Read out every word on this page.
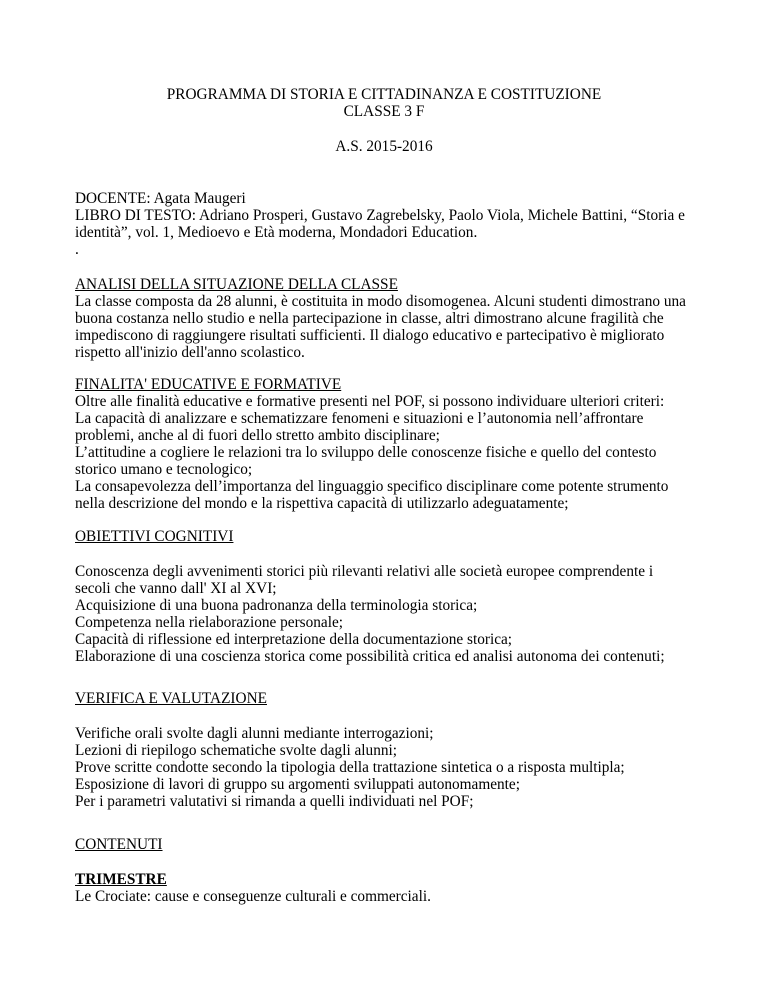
PROGRAMMA DI STORIA E CITTADINANZA E COSTITUZIONE
CLASSE 3 F
A.S. 2015-2016
DOCENTE: Agata Maugeri
LIBRO DI TESTO: Adriano Prosperi, Gustavo Zagrebelsky, Paolo Viola, Michele Battini, “Storia e
identità”, vol. 1, Medioevo e Età moderna, Mondadori Education.
.
ANALISI DELLA SITUAZIONE DELLA CLASSE
La classe composta da 28 alunni, è costituita in modo disomogenea. Alcuni studenti dimostrano una
buona costanza nello studio e nella partecipazione in classe, altri dimostrano alcune fragilità che
impediscono di raggiungere risultati sufficienti. Il dialogo educativo e partecipativo è migliorato
rispetto all'inizio dell'anno scolastico.
FINALITA' EDUCATIVE E FORMATIVE
Oltre alle finalità educative e formative presenti nel POF, si possono individuare ulteriori criteri:
La capacità di analizzare e schematizzare fenomeni e situazioni e l’autonomia nell’affrontare
problemi, anche al di fuori dello stretto ambito disciplinare;
L’attitudine a cogliere le relazioni tra lo sviluppo delle conoscenze fisiche e quello del contesto
storico umano e tecnologico;
La consapevolezza dell’importanza del linguaggio specifico disciplinare come potente strumento
nella descrizione del mondo e la rispettiva capacità di utilizzarlo adeguatamente;
OBIETTIVI COGNITIVI
Conoscenza degli avvenimenti storici più rilevanti relativi alle società europee comprendente i
secoli che vanno dall' XI al XVI;
Acquisizione di una buona padronanza della terminologia storica;
Competenza nella rielaborazione personale;
Capacità di riflessione ed interpretazione della documentazione storica;
Elaborazione di una coscienza storica come possibilità critica ed analisi autonoma dei contenuti;
VERIFICA E VALUTAZIONE
Verifiche orali svolte dagli alunni mediante interrogazioni;
Lezioni di riepilogo schematiche svolte dagli alunni;
Prove scritte condotte secondo la tipologia della trattazione sintetica o a risposta multipla;
Esposizione di lavori di gruppo su argomenti sviluppati autonomamente;
Per i parametri valutativi si rimanda a quelli individuati nel POF;
CONTENUTI
TRIMESTRE
Le Crociate: cause e conseguenze culturali e commerciali.
